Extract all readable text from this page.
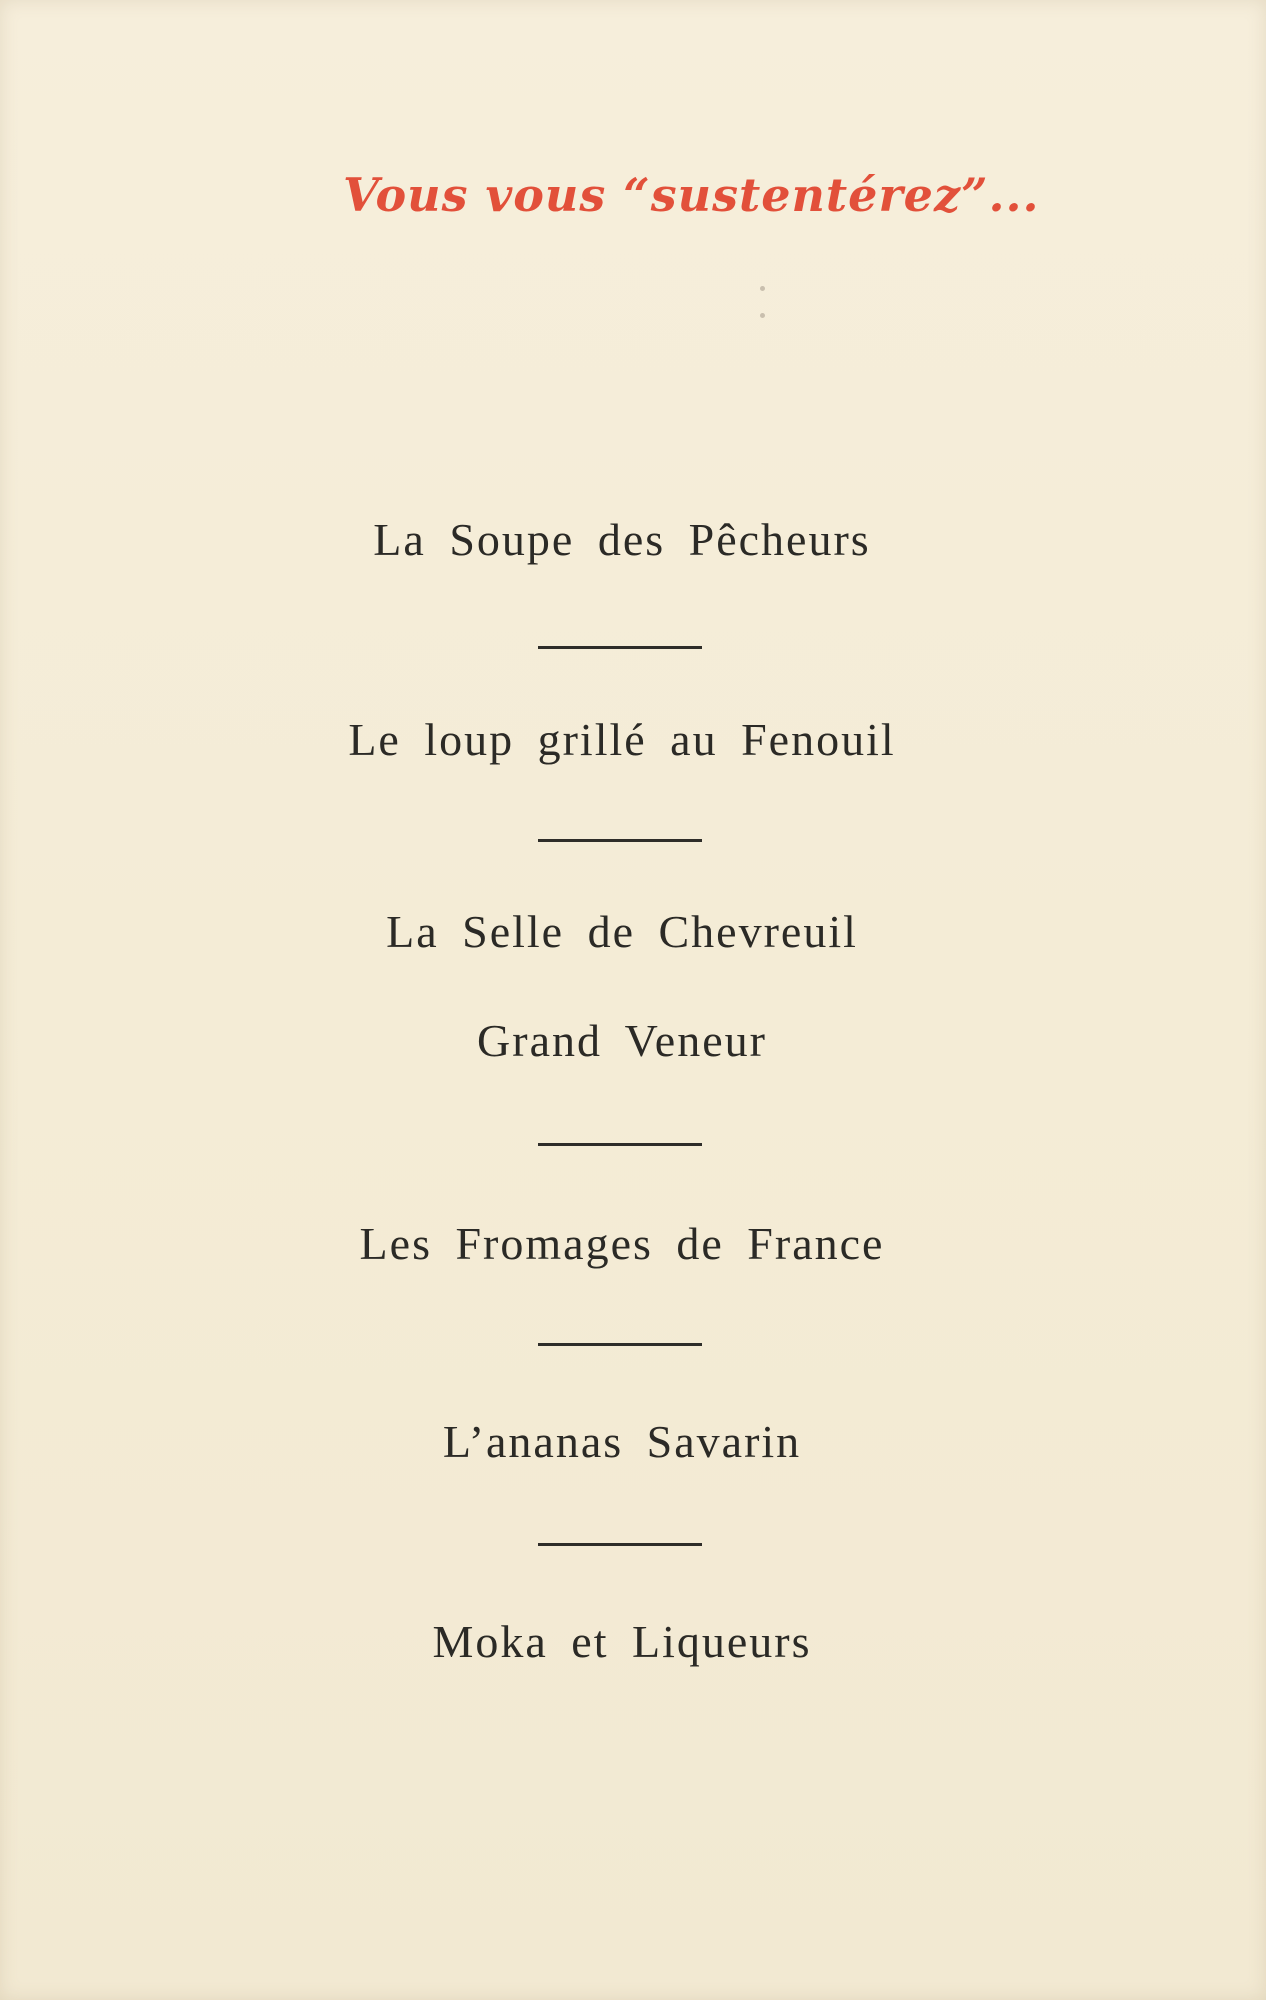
Vous vous “sustentérez”...
La Soupe des Pêcheurs
Le loup grillé au Fenouil
La Selle de Chevreuil
Grand Veneur
Les Fromages de France
L’ananas Savarin
Moka et Liqueurs
